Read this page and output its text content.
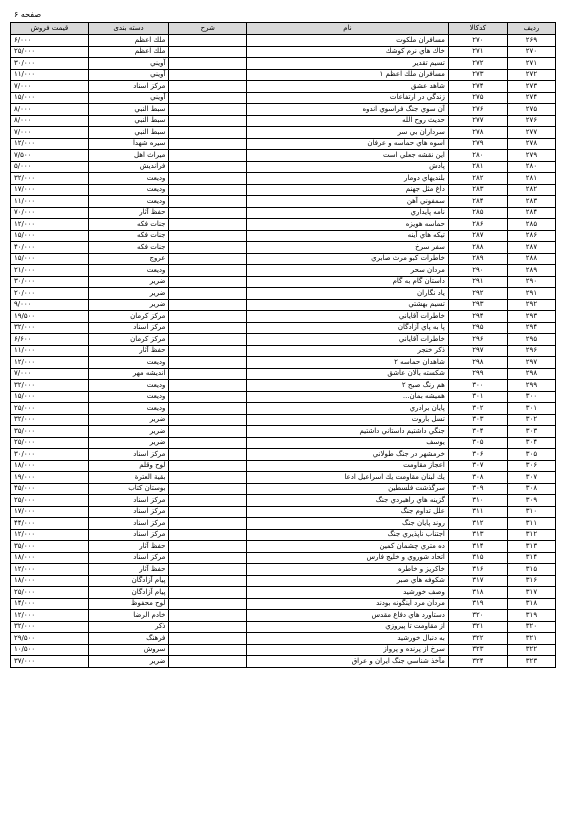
صفحه ۶
ردیف	کدکالا	نام	شرح	دسته بندی	قیمت فروش
۲۶۹	۲۷۰	مسافران ملکوت		ملك اعظم	۶/۰۰۰
۲۷۰	۲۷۱	خاك هاي نرم كوشك		ملك اعظم	۲۵/۰۰۰
۲۷۱	۲۷۲	تسيم تقدير		آويني	۳۰/۰۰۰
۲۷۲	۲۷۳	مسافران ملك اعظم ۱		آويني	۱۱/۰۰۰
۲۷۳	۲۷۴	شاهد عشق		مركز اسناد	۷/۰۰۰
۲۷۴	۲۷۵	زندگي در ارتفاعات		آويني	۱۵/۰۰۰
۲۷۵	۲۷۶	آن سوي جنگ فراسوي اندوه		سبط النبي	۸/۰۰۰
۲۷۶	۲۷۷	حديث روح الله		سبط النبي	۸/۰۰۰
۲۷۷	۲۷۸	سرداران بي سر		سبط النبي	۷/۰۰۰
۲۷۸	۲۷۹	اسوه هاي حماسه و عرفان		سيره شهدا	۱۲/۰۰۰
۲۷۹	۲۸۰	اين نقشه جعلي است		ميراث اهل	۷/۵۰۰
۲۸۰	۲۸۱	پادش		فرانديش	۵/۰۰۰
۲۸۱	۲۸۲	بلنديهاي دومار		وديعت	۳۲/۰۰۰
۲۸۲	۲۸۳	داغ مثل جهنم		وديعت	۱۷/۰۰۰
۲۸۳	۲۸۴	سمفوني آهن		وديعت	۱۱/۰۰۰
۲۸۴	۲۸۵	نامه پايداري		حفظ آثار	۷۰/۰۰۰
۲۸۵	۲۸۶	حماسه هويزه		جنات فكه	۱۲/۰۰۰
۲۸۶	۲۸۷	تيكه هاي آينه		جنات فكه	۱۵/۰۰۰
۲۸۷	۲۸۸	سفر سرخ		جنات فكه	۴۰/۰۰۰
۲۸۸	۲۸۹	خاطرات كبو مرث صابري		عروج	۱۵/۰۰۰
۲۸۹	۲۹۰	مردان سحر		وديعت	۲۱/۰۰۰
۲۹۰	۲۹۱	داستان گام به گام		ضرير	۳۰/۰۰۰
۲۹۱	۲۹۲	ياد نگاران		ضرير	۲۰/۰۰۰
۲۹۲	۲۹۳	تسيم بهشتي		ضرير	۹/۰۰۰
۲۹۳	۲۹۴	خاطرات آقاياني		مركز كرمان	۱۹/۵۰۰
۲۹۴	۲۹۵	پا به پاي آزادگان		مركز اسناد	۳۲/۰۰۰
۲۹۵	۲۹۶	خاطرات آقاياني		مركز كرمان	۶/۶۰۰
۲۹۶	۲۹۷	ذكر خنجر		حفظ آثار	۱۱/۰۰۰
۲۹۷	۲۹۸	شاهدان حماسه ۲		وديعت	۱۲/۰۰۰
۲۹۸	۲۹۹	شكسته بالان عاشق		انديشه مهر	۷/۰۰۰
۲۹۹	۳۰۰	هم رنگ صبح ۲		وديعت	۳۲/۰۰۰
۳۰۰	۳۰۱	هميشه بمان...		وديعت	۱۵/۰۰۰
۳۰۱	۳۰۲	پايان برادري		وديعت	۲۵/۰۰۰
۳۰۲	۳۰۳	تسل باروت		ضرير	۳۲/۰۰۰
۳۰۳	۳۰۴	جنگي داشتيم داستاني داشتيم		ضرير	۳۵/۰۰۰
۳۰۴	۳۰۵	يوسف		ضرير	۲۵/۰۰۰
۳۰۵	۳۰۶	خرمشهر در جنگ طولاني		مركز اسناد	۳۰/۰۰۰
۳۰۶	۳۰۷	اعجاز مقاومت		لوح وقلم	۱۸/۰۰۰
۳۰۷	۳۰۸	يك لبنان مقاومت يك اسراعيل ادعا		بقية العترة	۱۹/۰۰۰
۳۰۸	۳۰۹	سرگذشت فلسطين		بوستان كتاب	۴۵/۰۰۰
۳۰۹	۳۱۰	گزينه هاي راهبردي جنگ		مركز اسناد	۲۵/۰۰۰
۳۱۰	۳۱۱	علل تداوم جنگ		مركز اسناد	۱۷/۰۰۰
۳۱۱	۳۱۲	روند پايان جنگ		مركز اسناد	۴۴/۰۰۰
۳۱۲	۳۱۳	اجتناب ناپذيري جنگ		مركز اسناد	۱۲/۰۰۰
۳۱۳	۳۱۴	ده متري چشمان كمين		حفظ آثار	۳۵/۰۰۰
۳۱۴	۳۱۵	اتحاد شوروي و خليج فارس		مركز اسناد	۱۸/۰۰۰
۳۱۵	۳۱۶	خاكريز و خاطره		حفظ آثار	۱۲/۰۰۰
۳۱۶	۳۱۷	شكوفه هاي صبر		پيام آزادگان	۱۸/۰۰۰
۳۱۷	۳۱۸	وصف خورشيد		پيام آزادگان	۲۵/۰۰۰
۳۱۸	۳۱۹	مردان مرد اينگونه بودند		لوح محفوظ	۱۴/۰۰۰
۳۱۹	۳۲۰	دستاورد هاي دفاع مقدس		خادم الرضا	۱۲/۰۰۰
۳۲۰	۳۲۱	از مقاومت تا پيروزي		ذكر	۳۲/۰۰۰
۳۲۱	۳۲۲	به دنبال خورشيد		فرهنگ	۲۹/۵۰۰
۳۲۲	۳۲۳	سرخ از پرنده و پرواز		سروش	۱۰/۵۰۰
۳۲۳	۳۲۴	مآخذ شناسي جنگ ايران و عراق		ضرير	۳۷/۰۰۰
